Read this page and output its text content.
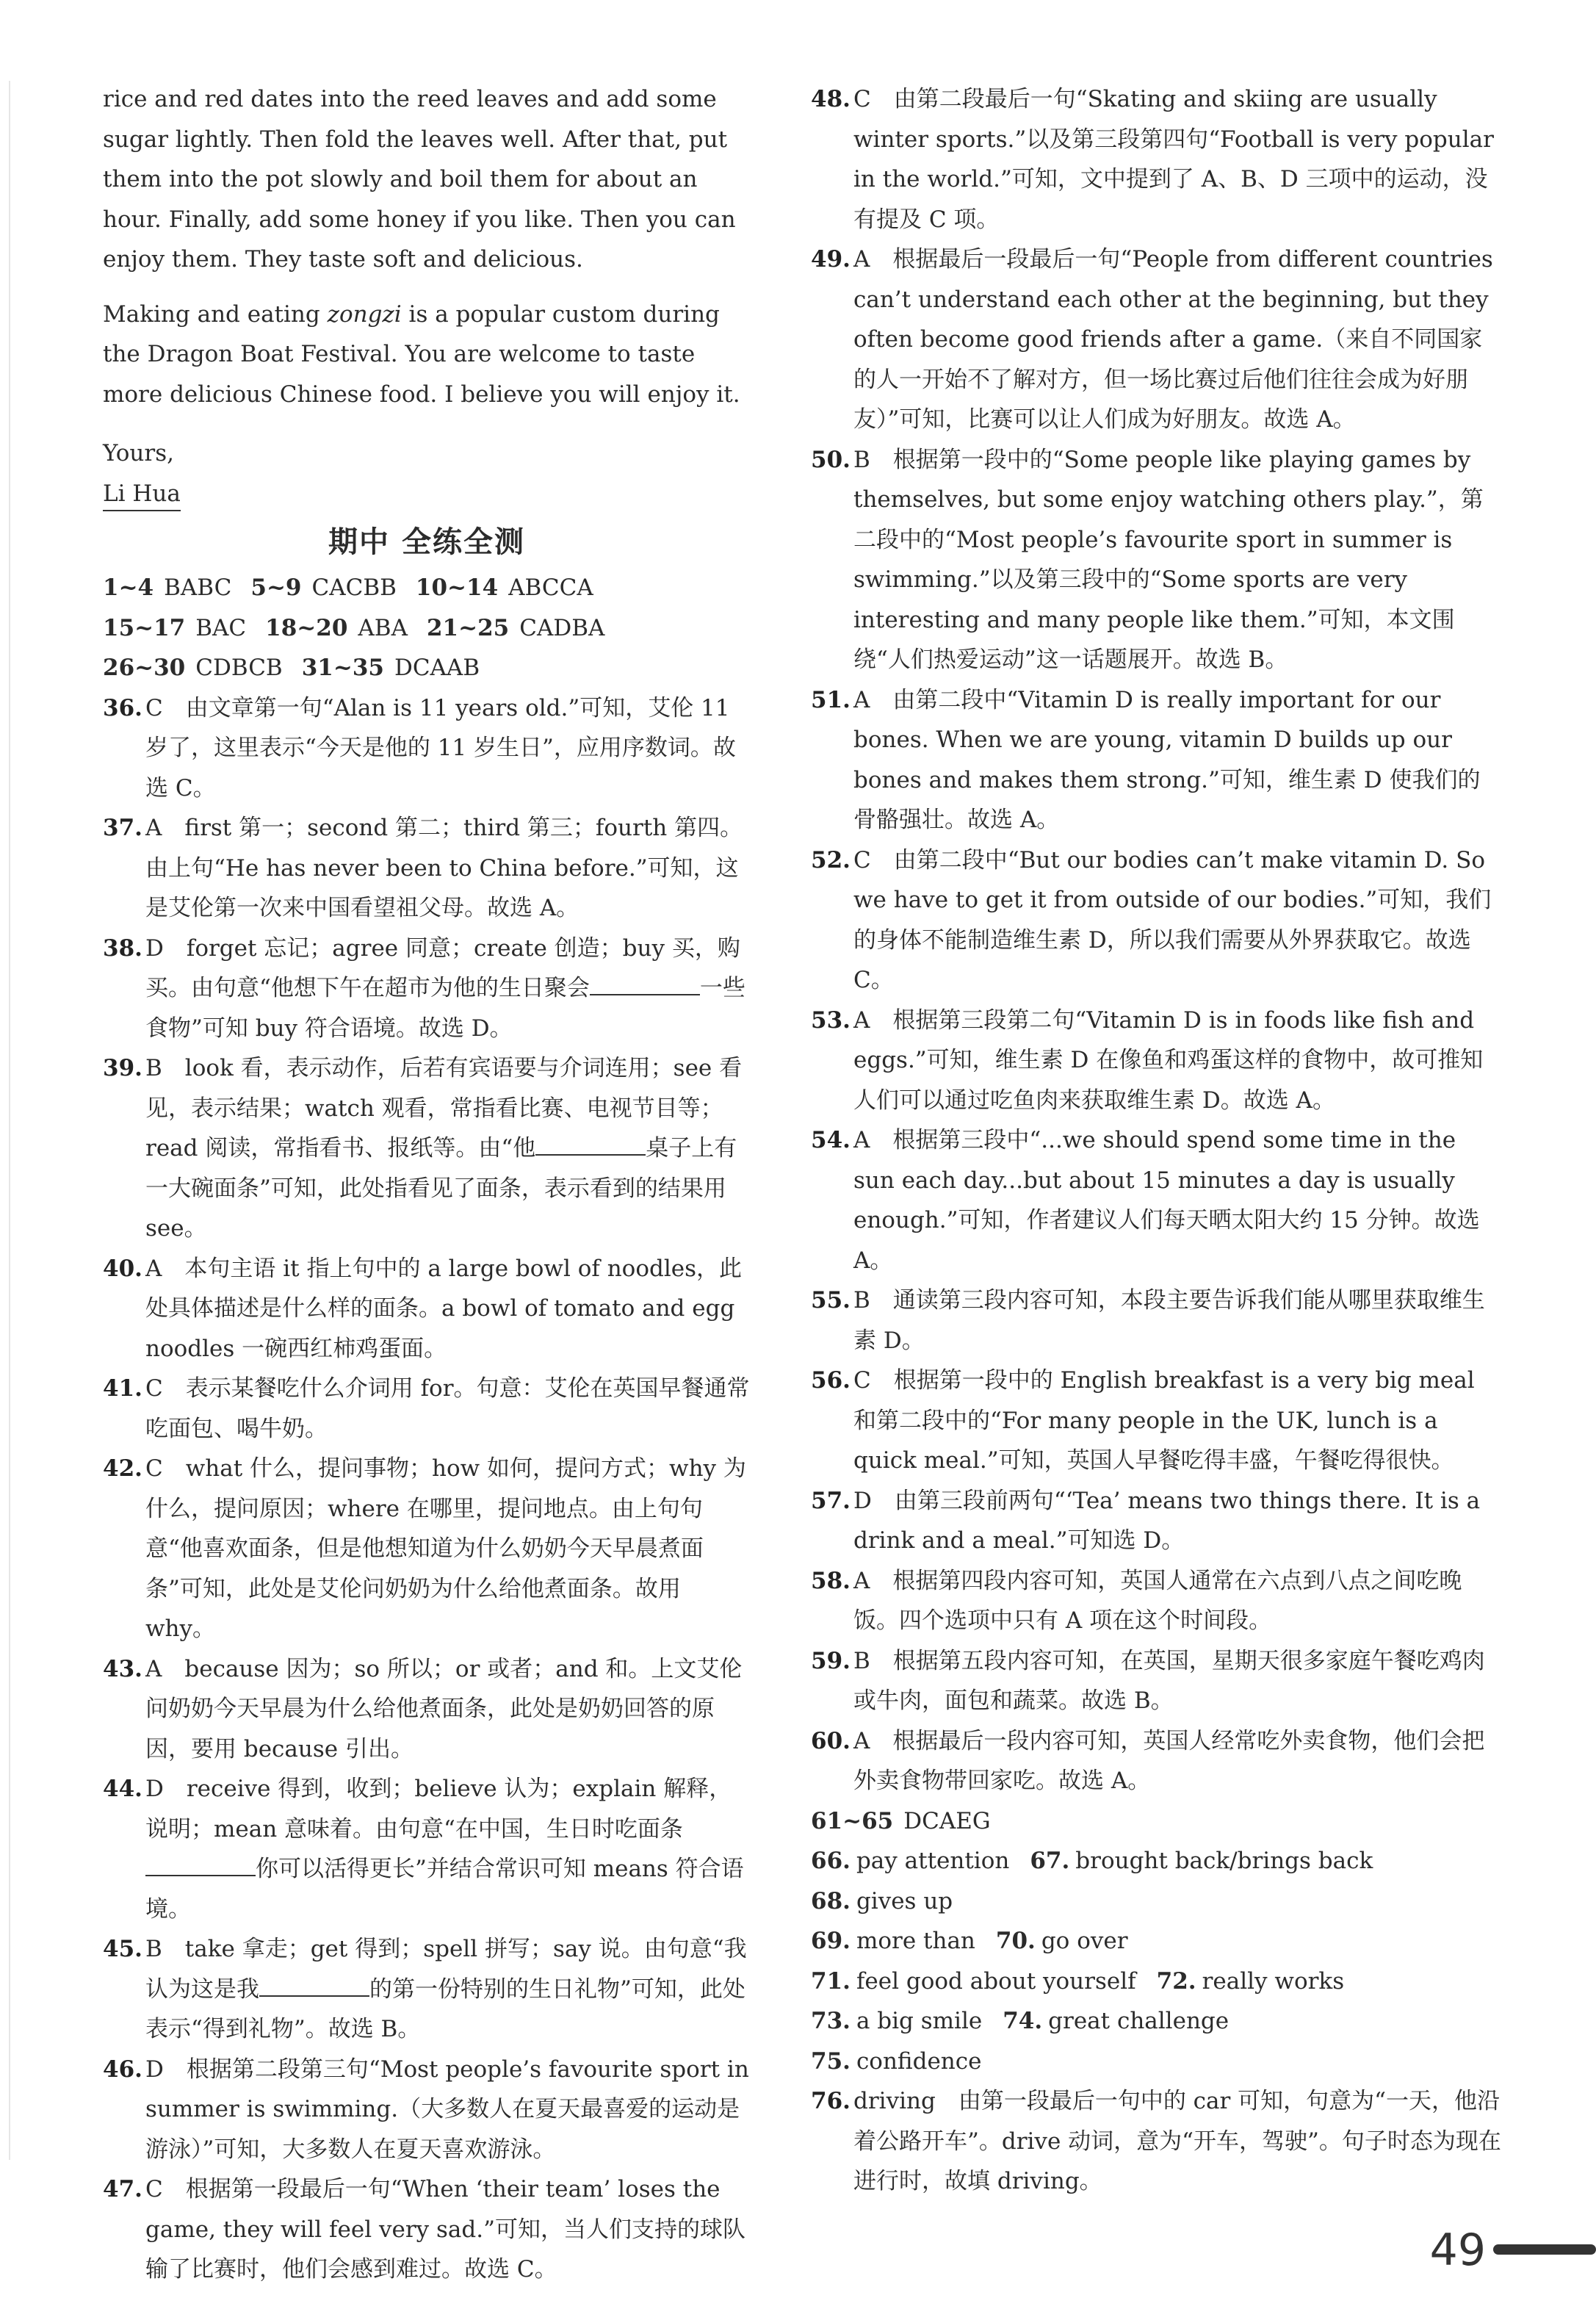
rice and red dates into the reed leaves and add some sugar lightly. Then fold the leaves well. After that, put them into the pot slowly and boil them for about an hour. Finally, add some honey if you like. Then you can enjoy them. They taste soft and delicious.

Making and eating zongzi is a popular custom during the Dragon Boat Festival. You are welcome to taste more delicious Chinese food. I believe you will enjoy it.

Yours,
Li Hua
期中 全练全测
1~4 BABC 5~9 CACBB 10~14 ABCCA
15~17 BAC 18~20 ABA 21~25 CADBA
26~30 CDBCB 31~35 DCAAB
36. C　由文章第一句“Alan is 11 years old.”可知，艾伦 11 岁了，这里表示“今天是他的 11 岁生日”，应用序数词。故选 C。
37. A　first 第一；second 第二；third 第三；fourth 第四。由上句“He has never been to China before.”可知，这是艾伦第一次来中国看望祖父母。故选 A。
38. D　forget 忘记；agree 同意；create 创造；buy 买，购买。由句意“他想下午在超市为他的生日聚会	一些食物”可知 buy 符合语境。故选 D。
39. B　look 看，表示动作，后若有宾语要与介词连用；see 看见，表示结果；watch 观看，常指看比赛、电视节目等；read 阅读，常指看书、报纸等。由“他	桌子上有一大碗面条”可知，此处指看见了面条，表示看到的结果用 see。
40. A　本句主语 it 指上句中的 a large bowl of noodles，此处具体描述是什么样的面条。a bowl of tomato and egg noodles 一碗西红柿鸡蛋面。
41. C　表示某餐吃什么介词用 for。句意：艾伦在英国早餐通常吃面包、喝牛奶。
42. C　what 什么，提问事物；how 如何，提问方式；why 为什么，提问原因；where 在哪里，提问地点。由上句句意“他喜欢面条，但是他想知道为什么奶奶今天早晨煮面条”可知，此处是艾伦问奶奶为什么给他煮面条。故用 why。
43. A　because 因为；so 所以；or 或者；and 和。上文艾伦问奶奶今天早晨为什么给他煮面条，此处是奶奶回答的原因，要用 because 引出。
44. D　receive 得到，收到；believe 认为；explain 解释，说明；mean 意味着。由句意“在中国，生日时吃面条你可以活得更长”并结合常识可知 means 符合语境。
45. B　take 拿走；get 得到；spell 拼写；say 说。由句意“我认为这是我	的第一份特别的生日礼物”可知，此处表示“得到礼物”。故选 B。
46. D　根据第二段第三句“Most people’s favourite sport in summer is swimming.（大多数人在夏天最喜爱的运动是游泳）”可知，大多数人在夏天喜欢游泳。
47. C　根据第一段最后一句“When ‘their team’ loses the game, they will feel very sad.”可知，当人们支持的球队输了比赛时，他们会感到难过。故选 C。
48. C　由第二段最后一句“Skating and skiing are usually winter sports.”以及第三段第四句“Football is very popular in the world.”可知，文中提到了 A、B、D 三项中的运动，没有提及 C 项。
49. A　根据最后一段最后一句“People from different countries can’t understand each other at the beginning, but they often become good friends after a game.（来自不同国家的人一开始不了解对方，但一场比赛过后他们往往会成为好朋友）”可知，比赛可以让人们成为好朋友。故选 A。
50. B　根据第一段中的“Some people like playing games by themselves, but some enjoy watching others play.”，第二段中的“Most people’s favourite sport in summer is swimming.”以及第三段中的“Some sports are very interesting and many people like them.”可知，本文围绕“人们热爱运动”这一话题展开。故选 B。
51. A　由第二段中“Vitamin D is really important for our bones. When we are young, vitamin D builds up our bones and makes them strong.”可知，维生素 D 使我们的骨骼强壮。故选 A。
52. C　由第二段中“But our bodies can’t make vitamin D. So we have to get it from outside of our bodies.”可知，我们的身体不能制造维生素 D，所以我们需要从外界获取它。故选 C。
53. A　根据第三段第二句“Vitamin D is in foods like fish and eggs.”可知，维生素 D 在像鱼和鸡蛋这样的食物中，故可推知人们可以通过吃鱼肉来获取维生素 D。故选 A。
54. A　根据第三段中“...we should spend some time in the sun each day...but about 15 minutes a day is usually enough.”可知，作者建议人们每天晒太阳大约 15 分钟。故选 A。
55. B　通读第三段内容可知，本段主要告诉我们能从哪里获取维生素 D。
56. C　根据第一段中的 English breakfast is a very big meal 和第二段中的“For many people in the UK, lunch is a quick meal.”可知，英国人早餐吃得丰盛，午餐吃得很快。
57. D　由第三段前两句“‘Tea’ means two things there. It is a drink and a meal.”可知选 D。
58. A　根据第四段内容可知，英国人通常在六点到八点之间吃晚饭。四个选项中只有 A 项在这个时间段。
59. B　根据第五段内容可知，在英国，星期天很多家庭午餐吃鸡肉或牛肉，面包和蔬菜。故选 B。
60. A　根据最后一段内容可知，英国人经常吃外卖食物，他们会把外卖食物带回家吃。故选 A。
61~65 DCAEG
66. pay attention 67. brought back/brings back68. gives up
69. more than 70. go over
71. feel good about yourself 72. really works
73. a big smile 74. great challenge
75. confidence
76. driving　由第一段最后一句中的 car 可知，句意为“一天，他沿着公路开车”。drive 动词，意为“开车，驾驶”。句子时态为现在进行时，故填 driving。
49
